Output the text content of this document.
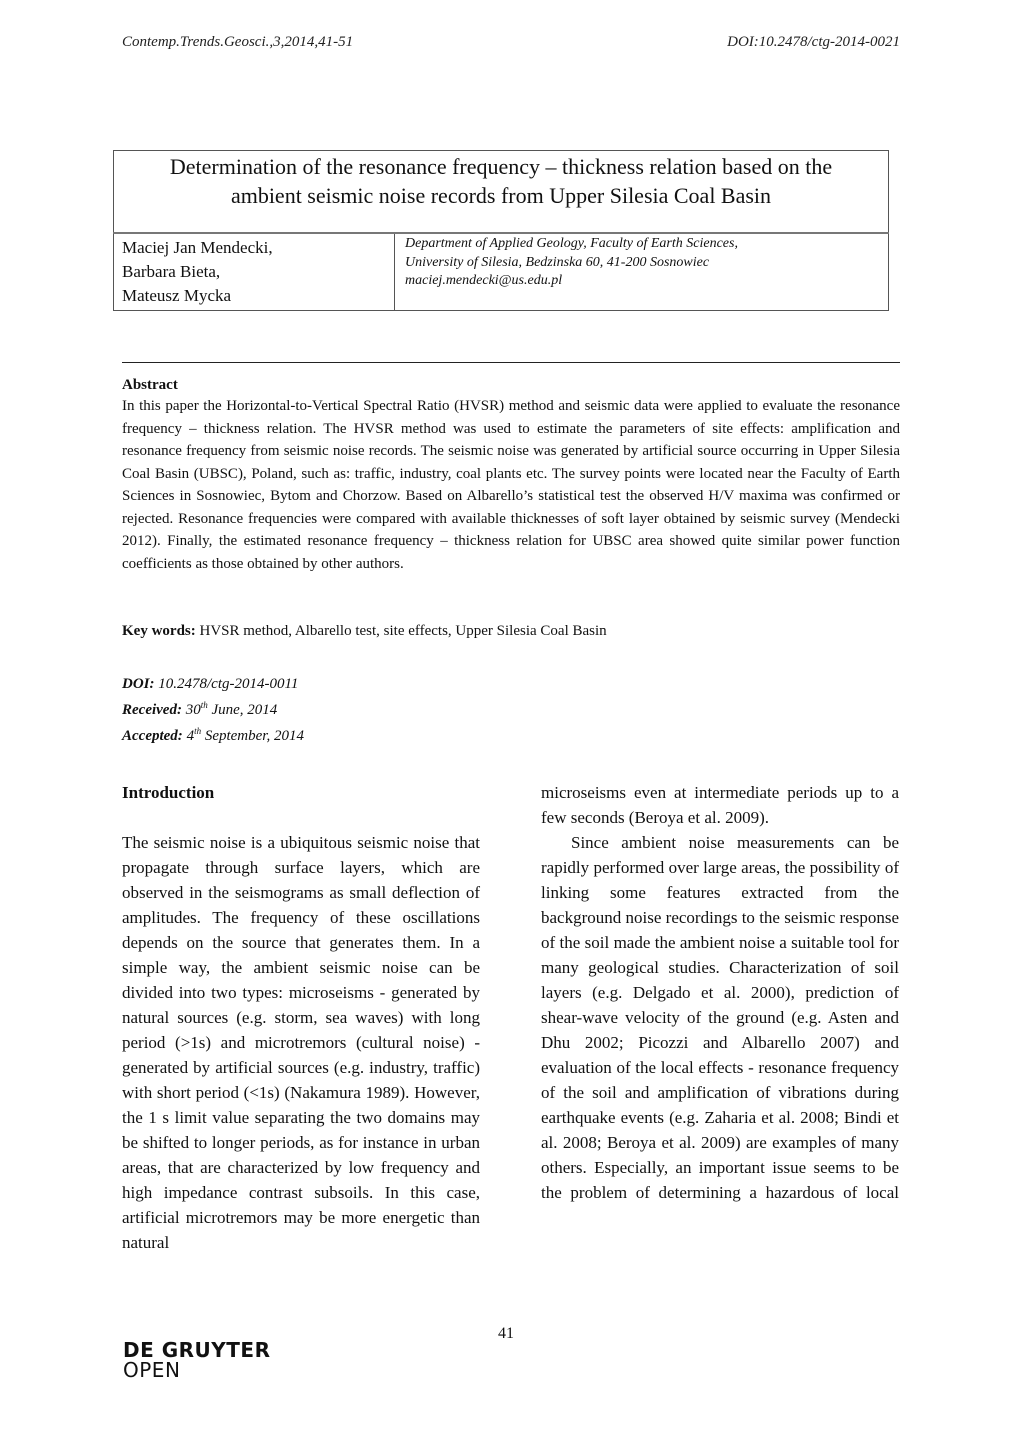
Contemp.Trends.Geosci.,3,2014,41-51	DOI:10.2478/ctg-2014-0021
Determination of the resonance frequency – thickness relation based on the
ambient seismic noise records from Upper Silesia Coal Basin

Maciej Jan Mendecki,
Barbara Bieta,
Mateusz Mycka

Department of Applied Geology, Faculty of Earth Sciences,
University of Silesia, Bedzinska 60, 41-200 Sosnowiec
maciej.mendecki@us.edu.pl
Abstract

In this paper the Horizontal-to-Vertical Spectral Ratio (HVSR) method and seismic data were applied to evaluate the resonance frequency – thickness relation. The HVSR method was used to estimate the parameters of site effects: amplification and resonance frequency from seismic noise records. The seismic noise was generated by artificial source occurring in Upper Silesia Coal Basin (UBSC), Poland, such as: traffic, industry, coal plants etc. The survey points were located near the Faculty of Earth Sciences in Sosnowiec, Bytom and Chorzow. Based on Albarello’s statistical test the observed H/V maxima was confirmed or rejected. Resonance frequencies were compared with available thicknesses of soft layer obtained by seismic survey (Mendecki 2012). Finally, the estimated resonance frequency – thickness relation for UBSC area showed quite similar power function coefficients as those obtained by other authors.

Key words: HVSR method, Albarello test, site effects, Upper Silesia Coal Basin
DOI: 10.2478/ctg-2014-0011
Received: 30th June, 2014
Accepted: 4th September, 2014

Introduction

The seismic noise is a ubiquitous seismic noise that propagate through surface layers, which are observed in the seismograms as small deflection of amplitudes. The frequency of these oscillations depends on the source that generates them. In a simple way, the ambient seismic noise can be divided into two types: microseisms - generated by natural sources (e.g. storm, sea waves) with long period (>1s) and microtremors (cultural noise) - generated by artificial sources (e.g. industry, traffic) with short period (<1s) (Nakamura 1989). However, the 1 s limit value separating the two domains may be shifted to longer periods, as for instance in urban areas, that are characterized by low frequency and high impedance contrast subsoils. In this case, artificial microtremors may be more energetic than natural

microseisms even at intermediate periods up to a few seconds (Beroya et al. 2009).

Since ambient noise measurements can be rapidly performed over large areas, the possibility of linking some features extracted from the background noise recordings to the seismic response of the soil made the ambient noise a suitable tool for many geological studies. Characterization of soil layers (e.g. Delgado et al. 2000), prediction of shear-wave velocity of the ground (e.g. Asten and Dhu 2002; Picozzi and Albarello 2007) and evaluation of the local effects - resonance frequency of the soil and amplification of vibrations during earthquake events (e.g. Zaharia et al. 2008; Bindi et al. 2008; Beroya et al. 2009) are examples of many others. Especially, an important issue seems to be the problem of determining a hazardous of local

41
DE GRUYTER
OPEN
